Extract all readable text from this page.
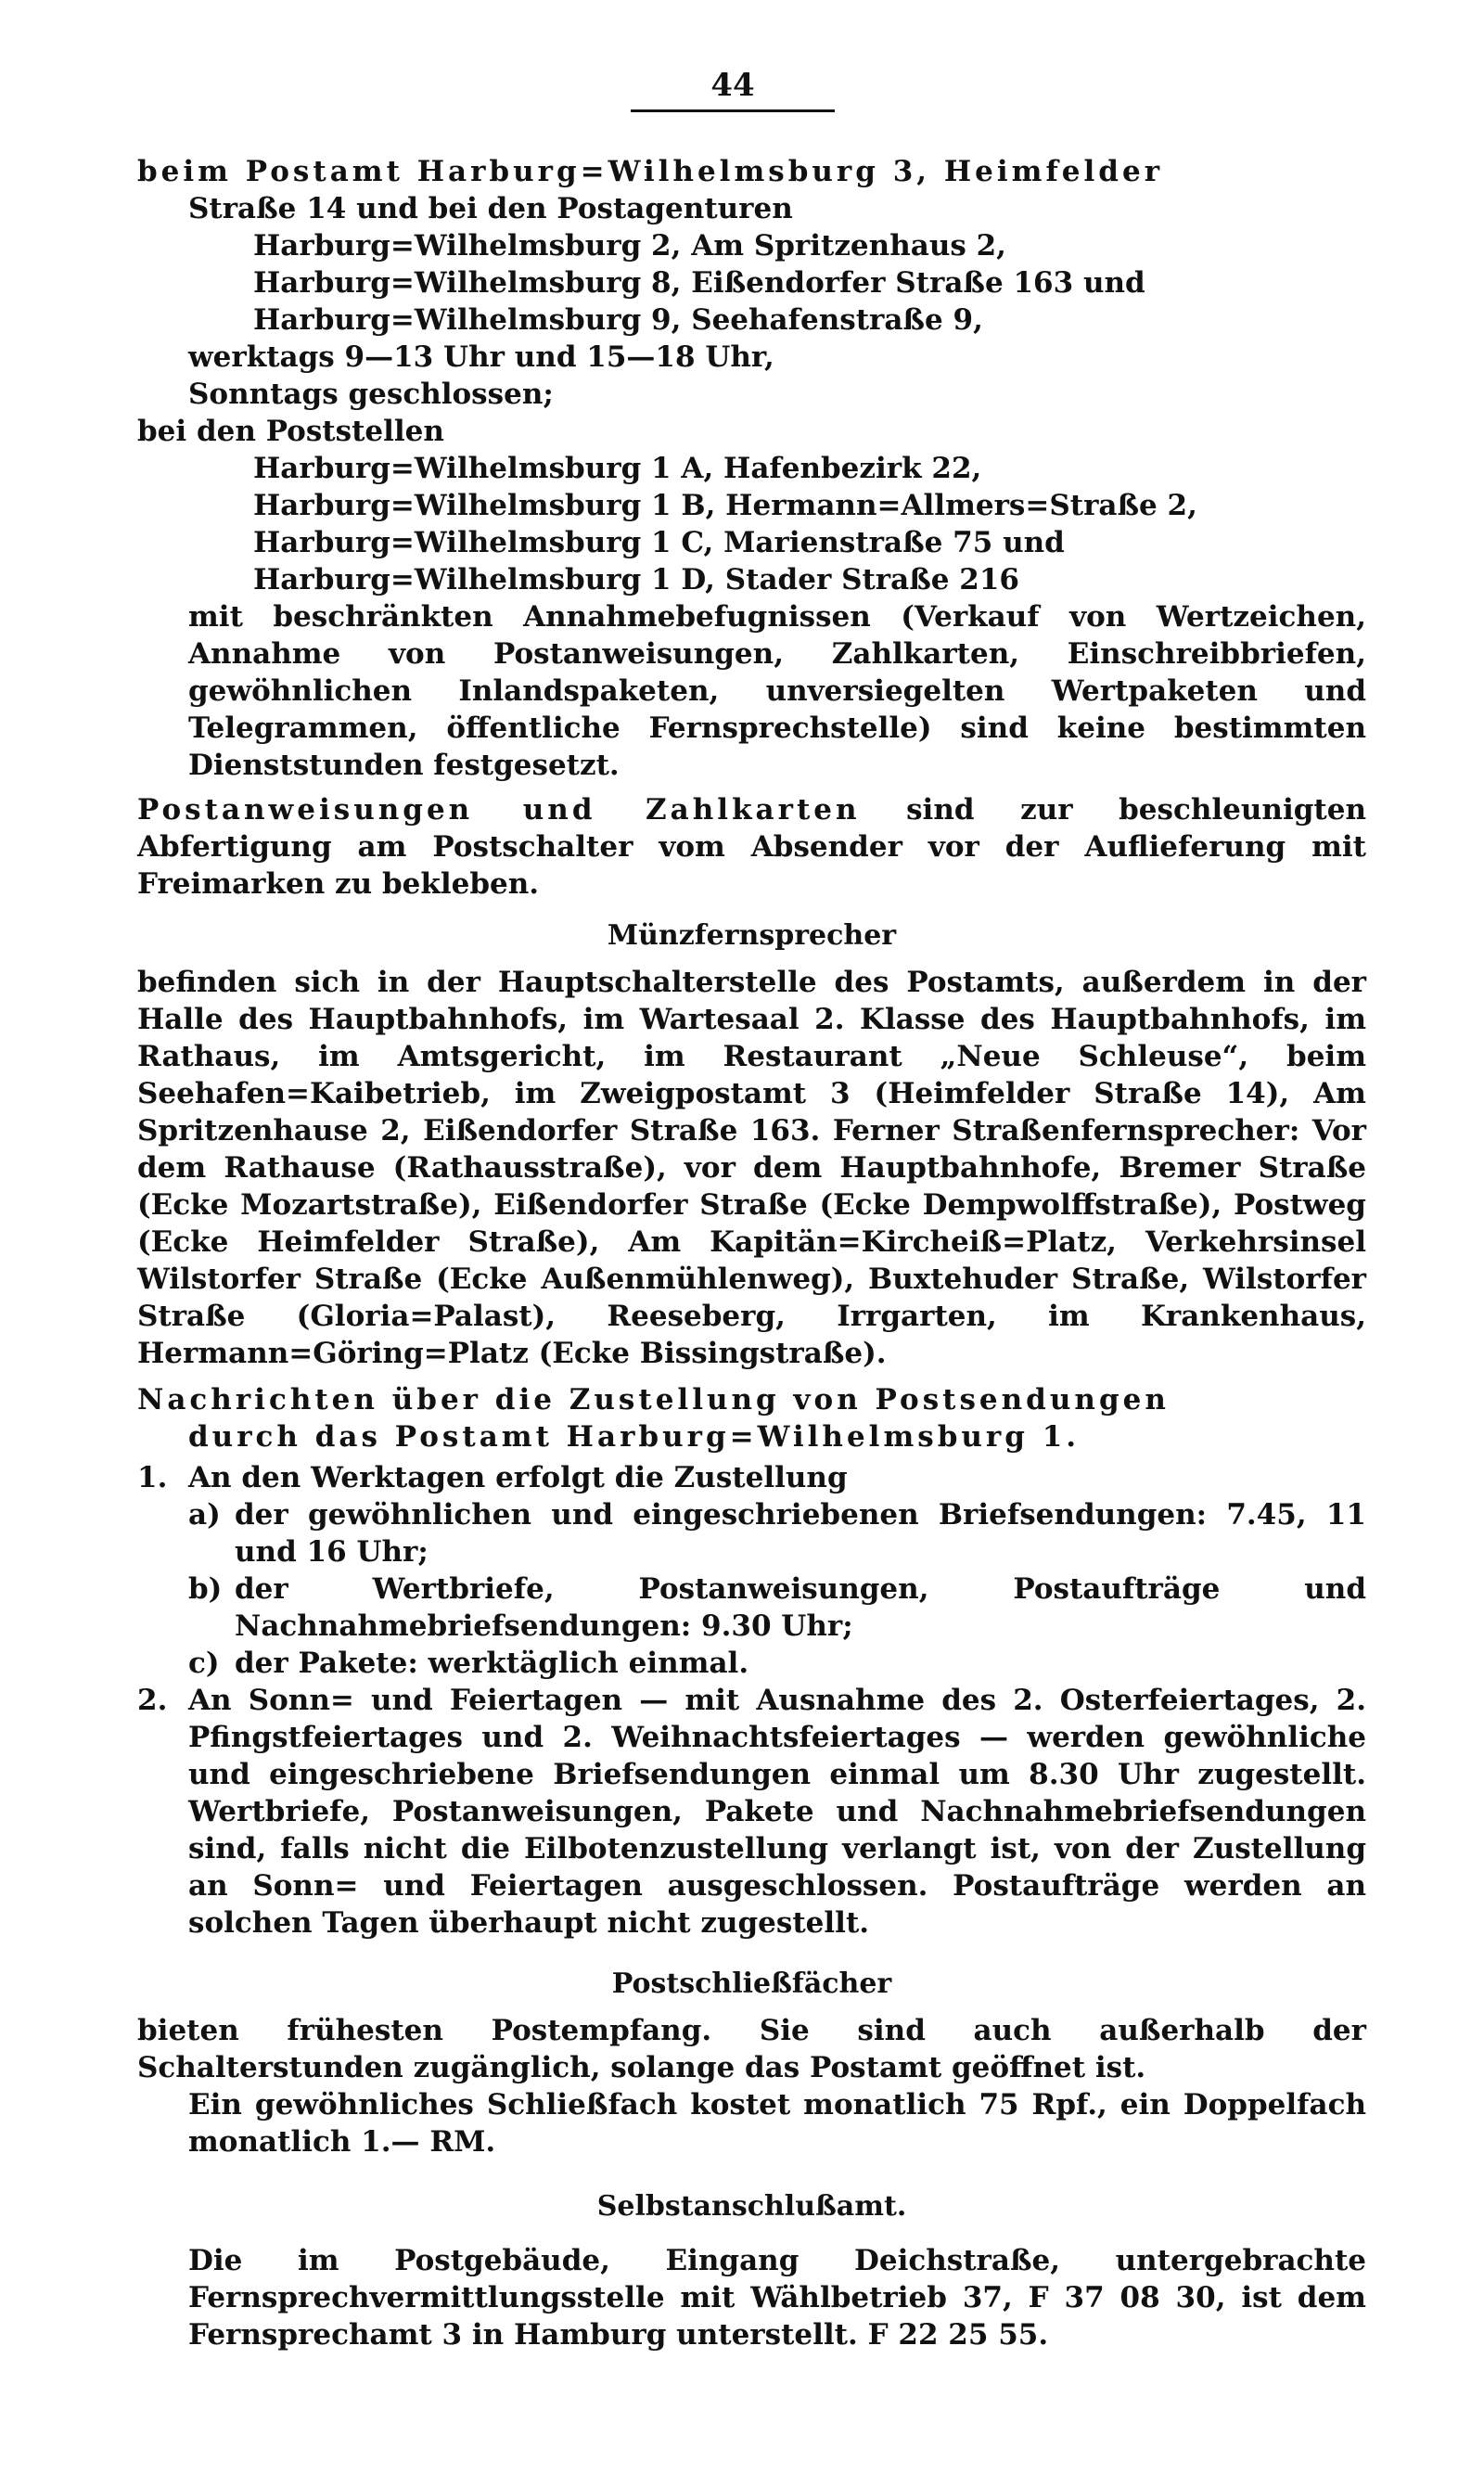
44

beim Postamt Harburg=Wilhelmsburg 3, Heimfelder

Straße 14 und bei den Postagenturen

Harburg=Wilhelmsburg 2, Am Spritzenhaus 2,

Harburg=Wilhelmsburg 8, Eißendorfer Straße 163 und

Harburg=Wilhelmsburg 9, Seehafenstraße 9,

werktags 9—13 Uhr und 15—18 Uhr,

Sonntags geschlossen;

bei den Poststellen

Harburg=Wilhelmsburg 1 A, Hafenbezirk 22,

Harburg=Wilhelmsburg 1 B, Hermann=Allmers=Straße 2,

Harburg=Wilhelmsburg 1 C, Marienstraße 75 und

Harburg=Wilhelmsburg 1 D, Stader Straße 216

mit beschränkten Annahmebefugnissen (Verkauf von Wertzeichen, Annahme von Postanweisungen, Zahlkarten, Einschreibbriefen, gewöhnlichen Inlandspaketen, unversiegelten Wertpaketen und Telegrammen, öffentliche Fernsprechstelle) sind keine bestimmten Dienststunden festgesetzt.

Postanweisungen und Zahlkarten sind zur beschleunigten Abfertigung am Postschalter vom Absender vor der Auflieferung mit Freimarken zu bekleben.

Münzfernsprecher

befinden sich in der Hauptschalterstelle des Postamts, außerdem in der Halle des Hauptbahnhofs, im Wartesaal 2. Klasse des Hauptbahnhofs, im Rathaus, im Amtsgericht, im Restaurant „Neue Schleuse“, beim Seehafen=Kaibetrieb, im Zweigpostamt 3 (Heimfelder Straße 14), Am Spritzenhause 2, Eißendorfer Straße 163. Ferner Straßenfernsprecher: Vor dem Rathause (Rathausstraße), vor dem Hauptbahnhofe, Bremer Straße (Ecke Mozartstraße), Eißendorfer Straße (Ecke Dempwolffstraße), Postweg (Ecke Heimfelder Straße), Am Kapitän=Kircheiß=Platz, Verkehrsinsel Wilstorfer Straße (Ecke Außenmühlenweg), Buxtehuder Straße, Wilstorfer Straße (Gloria=Palast), Reeseberg, Irrgarten, im Krankenhaus, Hermann=Göring=Platz (Ecke Bissingstraße).

Nachrichten über die Zustellung von Postsendungen

durch das Postamt Harburg=Wilhelmsburg 1.

1. An den Werktagen erfolgt die Zustellung
a) der gewöhnlichen und eingeschriebenen Briefsendungen: 7.45, 11 und 16 Uhr;
b) der Wertbriefe, Postanweisungen, Postaufträge und Nachnahmebriefsendungen: 9.30 Uhr;
c) der Pakete: werktäglich einmal.
2. An Sonn= und Feiertagen — mit Ausnahme des 2. Osterfeiertages, 2. Pfingstfeiertages und 2. Weihnachtsfeiertages — werden gewöhnliche und eingeschriebene Briefsendungen einmal um 8.30 Uhr zugestellt. Wertbriefe, Postanweisungen, Pakete und Nachnahmebriefsendungen sind, falls nicht die Eilbotenzustellung verlangt ist, von der Zustellung an Sonn= und Feiertagen ausgeschlossen. Postaufträge werden an solchen Tagen überhaupt nicht zugestellt.

Postschließfächer

bieten frühesten Postempfang. Sie sind auch außerhalb der Schalterstunden zugänglich, solange das Postamt geöffnet ist.

Ein gewöhnliches Schließfach kostet monatlich 75 Rpf., ein Doppelfach monatlich 1.— RM.

Selbstanschlußamt.

Die im Postgebäude, Eingang Deichstraße, untergebrachte Fernsprechvermittlungsstelle mit Wählbetrieb 37, F 37 08 30, ist dem Fernsprechamt 3 in Hamburg unterstellt. F 22 25 55.
